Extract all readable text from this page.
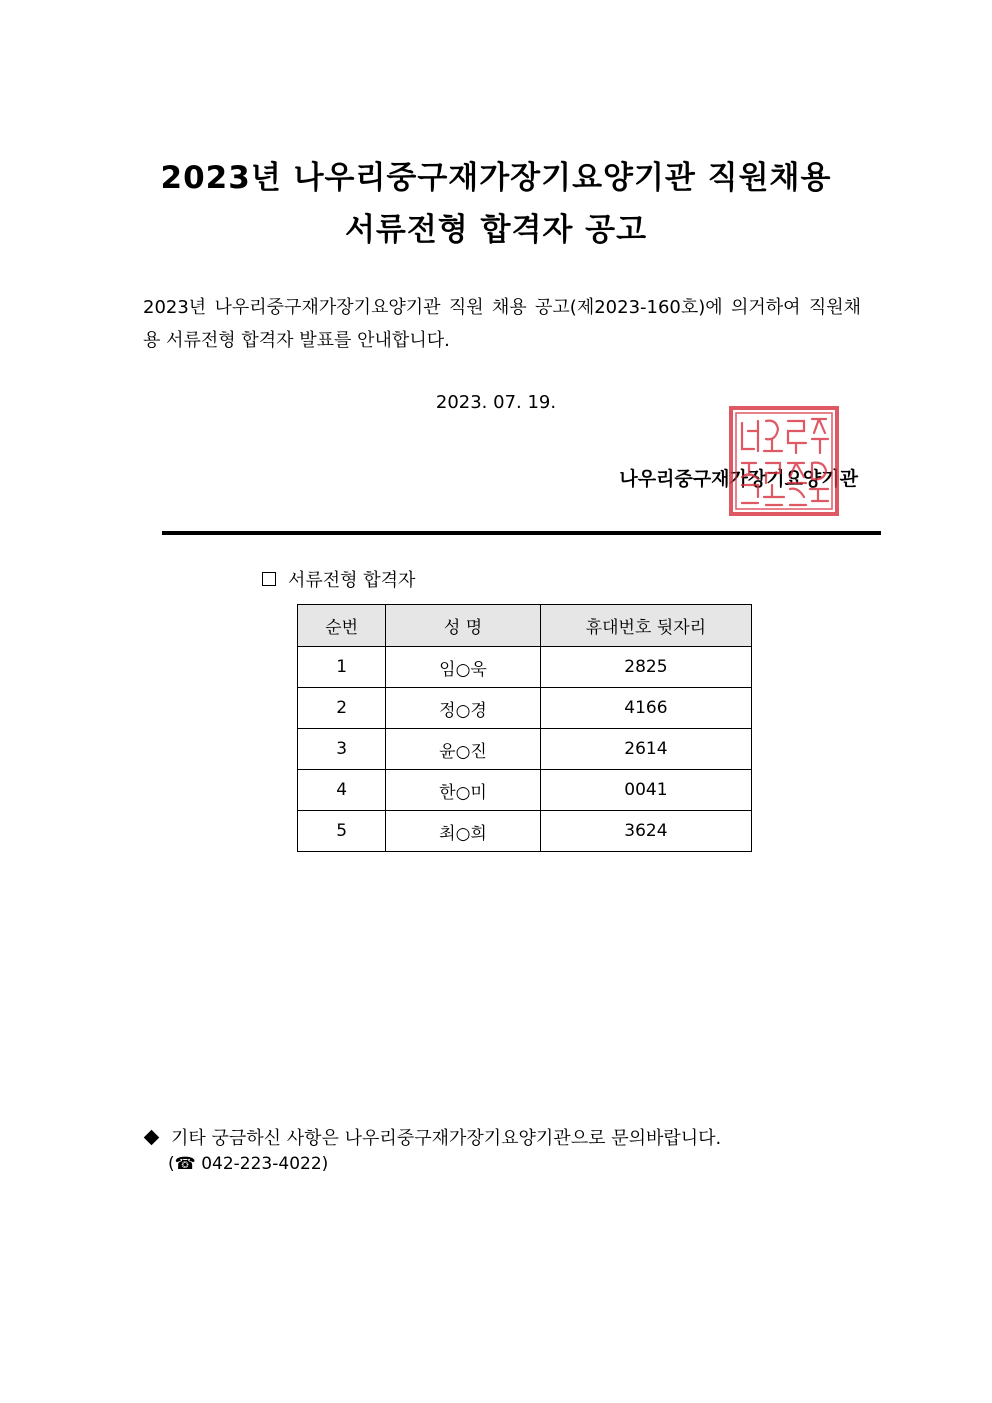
2023년 나우리중구재가장기요양기관 직원채용
서류전형 합격자 공고

2023년 나우리중구재가장기요양기관 직원 채용 공고(제2023-160호)에 의거하여 직원채용 서류전형 합격자 발표를 안내합니다.

2023. 07. 19.

나우리중구재가장기요양기관

서류전형 합격자
순번	성 명	휴대번호 뒷자리
1	임○욱	2825
2	정○경	4166
3	윤○진	2614
4	한○미	0041
5	최○희	3624
기타 궁금하신 사항은 나우리중구재가장기요양기관으로 문의바랍니다.

(☎ 042-223-4022)
